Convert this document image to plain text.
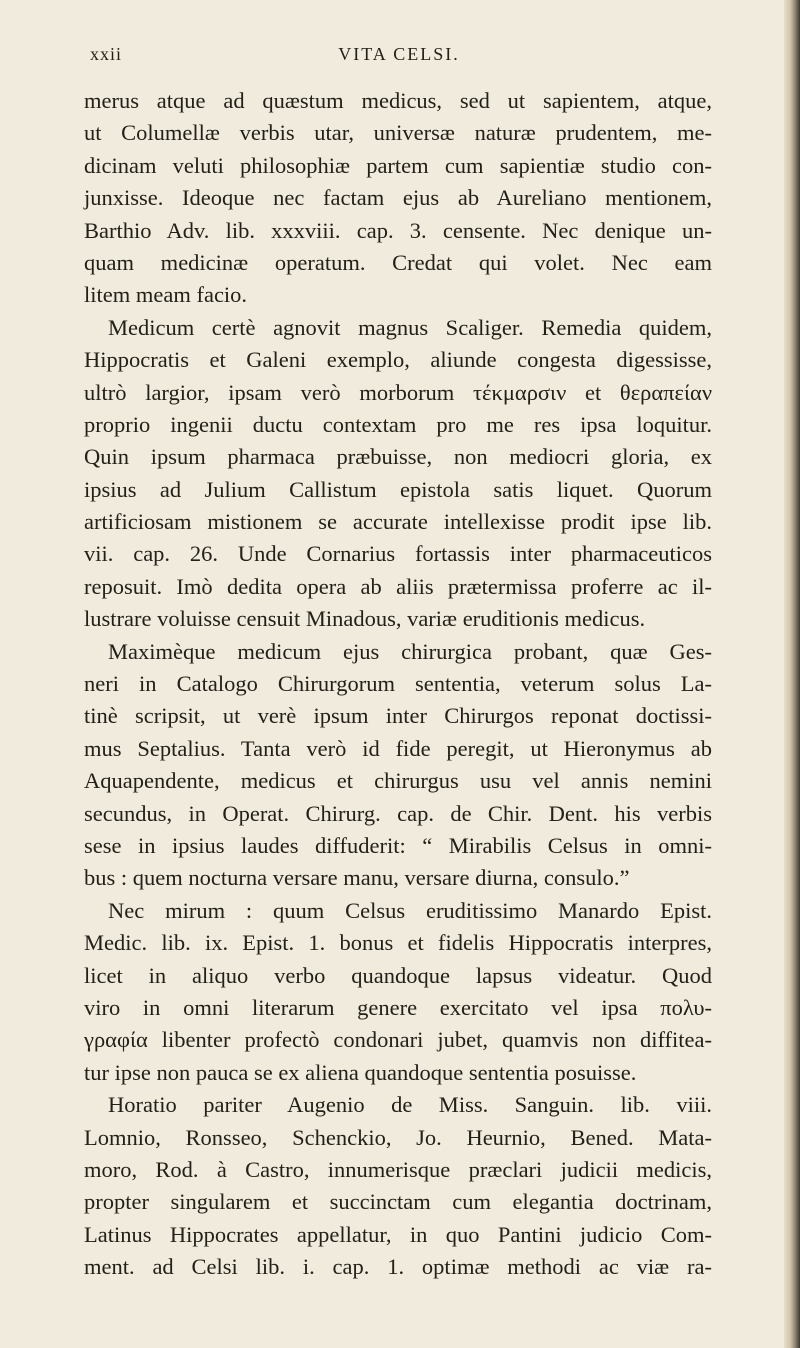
xxii	VITA CELSI.
merus atque ad quæstum medicus, sed ut sapientem, atque,
ut Columellæ verbis utar, universæ naturæ prudentem, me-
dicinam veluti philosophiæ partem cum sapientiæ studio con-
junxisse. Ideoque nec factam ejus ab Aureliano mentionem,
Barthio Adv. lib. xxxviii. cap. 3. censente. Nec denique un-
quam medicinæ operatum. Credat qui volet. Nec eam
litem meam facio.
Medicum certè agnovit magnus Scaliger. Remedia quidem,
Hippocratis et Galeni exemplo, aliunde congesta digessisse,
ultrò largior, ipsam verò morborum τέκμαρσιν et θεραπείαν
proprio ingenii ductu contextam pro me res ipsa loquitur.
Quin ipsum pharmaca præbuisse, non mediocri gloria, ex
ipsius ad Julium Callistum epistola satis liquet. Quorum
artificiosam mistionem se accurate intellexisse prodit ipse lib.
vii. cap. 26. Unde Cornarius fortassis inter pharmaceuticos
reposuit. Imò dedita opera ab aliis prætermissa proferre ac il-
lustrare voluisse censuit Minadous, variæ eruditionis medicus.
Maximèque medicum ejus chirurgica probant, quæ Ges-
neri in Catalogo Chirurgorum sententia, veterum solus La-
tinè scripsit, ut verè ipsum inter Chirurgos reponat doctissi-
mus Septalius. Tanta verò id fide peregit, ut Hieronymus ab
Aquapendente, medicus et chirurgus usu vel annis nemini
secundus, in Operat. Chirurg. cap. de Chir. Dent. his verbis
sese in ipsius laudes diffuderit: “ Mirabilis Celsus in omni-
bus : quem nocturna versare manu, versare diurna, consulo.”
Nec mirum : quum Celsus eruditissimo Manardo Epist.
Medic. lib. ix. Epist. 1. bonus et fidelis Hippocratis interpres,
licet in aliquo verbo quandoque lapsus videatur. Quod
viro in omni literarum genere exercitato vel ipsa πολυ-
γραφία libenter profectò condonari jubet, quamvis non diffitea-
tur ipse non pauca se ex aliena quandoque sententia posuisse.
Horatio pariter Augenio de Miss. Sanguin. lib. viii.
Lomnio, Ronsseo, Schenckio, Jo. Heurnio, Bened. Mata-
moro, Rod. à Castro, innumerisque præclari judicii medicis,
propter singularem et succinctam cum elegantia doctrinam,
Latinus Hippocrates appellatur, in quo Pantini judicio Com-
ment. ad Celsi lib. i. cap. 1. optimæ methodi ac viæ ra-
